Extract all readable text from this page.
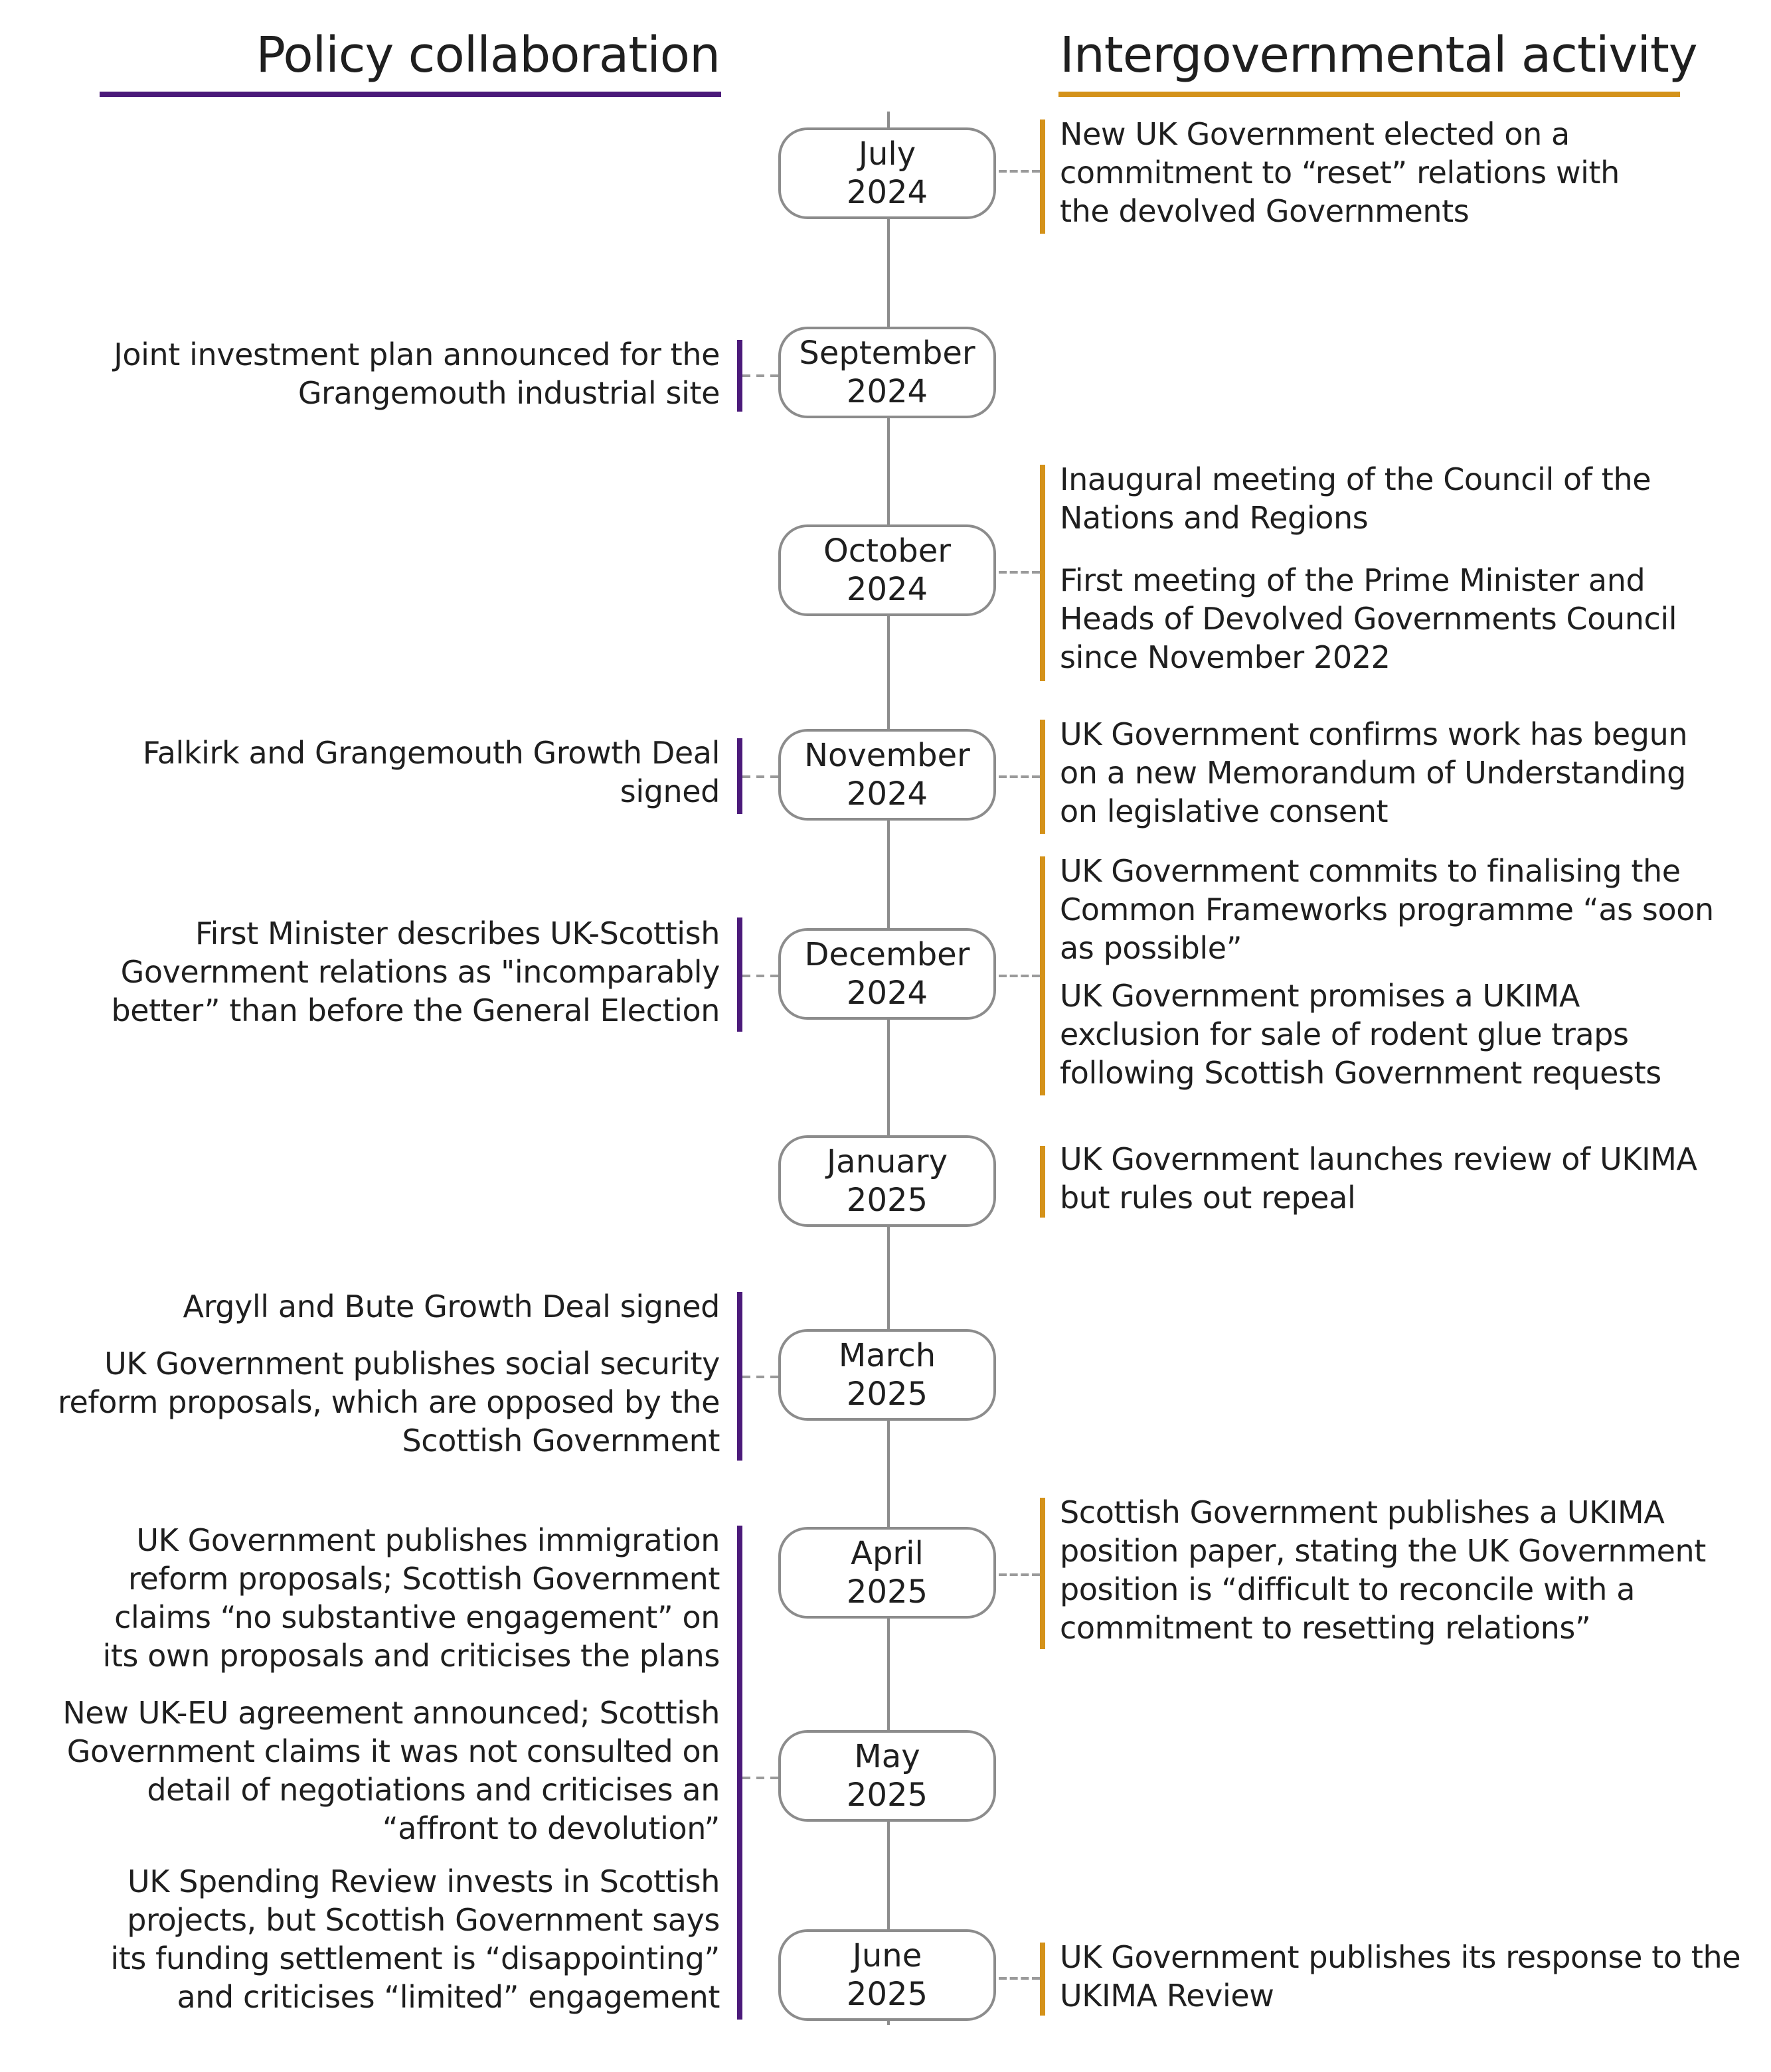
Policy collaboration	Intergovernmental activity
July
2024
September
2024
October
2024
November
2024
December
2024
January
2025
March
2025
April
2025
May
2025
June
2025
Joint investment plan announced for the Grangemouth industrial site
Falkirk and Grangemouth Growth Deal signed
First Minister describes UK-Scottish Government relations as "incomparably better” than before the General Election
Argyll and Bute Growth Deal signed
UK Government publishes social security reform proposals, which are opposed by the Scottish Government
UK Government publishes immigration reform proposals; Scottish Government claims “no substantive engagement” on its own proposals and criticises the plans
New UK-EU agreement announced; Scottish Government claims it was not consulted on detail of negotiations and criticises an “affront to devolution”
UK Spending Review invests in Scottish projects, but Scottish Government says its funding settlement is “disappointing” and criticises “limited” engagement
New UK Government elected on a commitment to “reset” relations with the devolved Governments
Inaugural meeting of the Council of the Nations and Regions
First meeting of the Prime Minister and Heads of Devolved Governments Council since November 2022
UK Government confirms work has begun on a new Memorandum of Understanding on legislative consent
UK Government commits to finalising the Common Frameworks programme “as soon as possible”
UK Government promises a UKIMA exclusion for sale of rodent glue traps following Scottish Government requests
UK Government launches review of UKIMA but rules out repeal
Scottish Government publishes a UKIMA position paper, stating the UK Government position is “difficult to reconcile with a commitment to resetting relations”
UK Government publishes its response to the UKIMA Review
